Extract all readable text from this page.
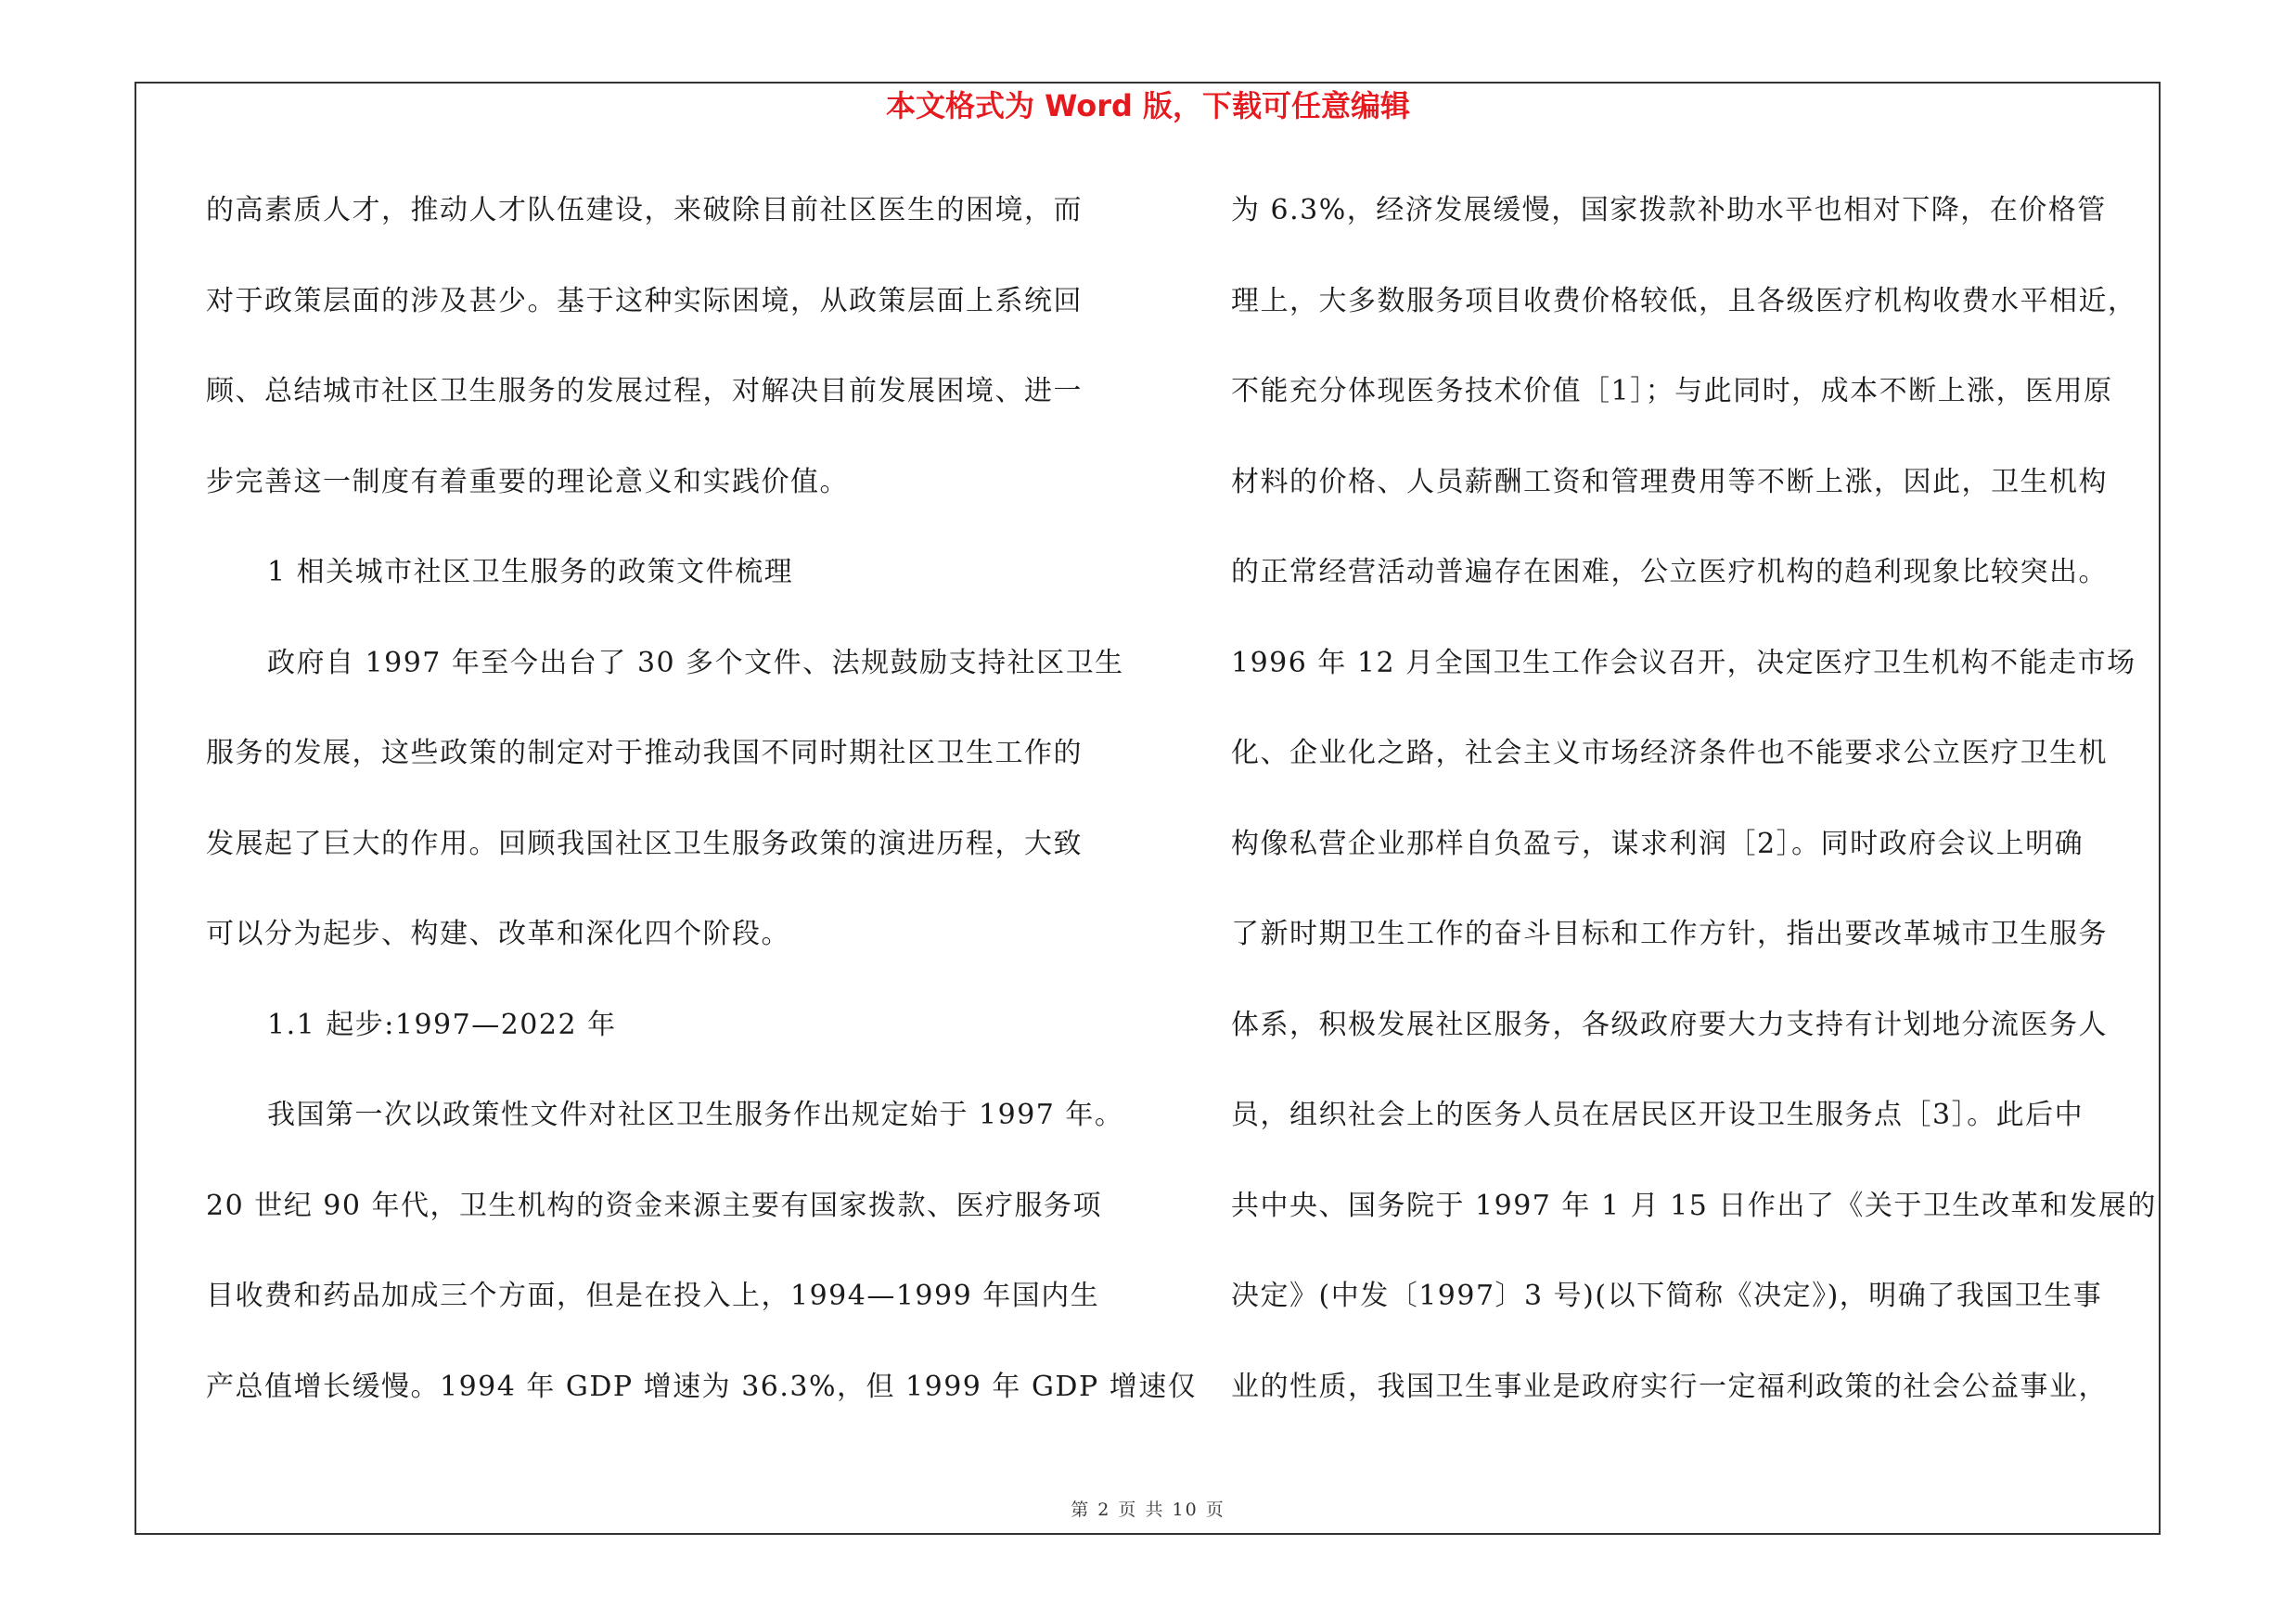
本文格式为 Word 版，下载可任意编辑

的高素质人才，推动人才队伍建设，来破除目前社区医生的困境，而

对于政策层面的涉及甚少。基于这种实际困境，从政策层面上系统回

顾、总结城市社区卫生服务的发展过程，对解决目前发展困境、进一

步完善这一制度有着重要的理论意义和实践价值。

1 相关城市社区卫生服务的政策文件梳理

政府自 1997 年至今出台了 30 多个文件、法规鼓励支持社区卫生

服务的发展，这些政策的制定对于推动我国不同时期社区卫生工作的

发展起了巨大的作用。回顾我国社区卫生服务政策的演进历程，大致

可以分为起步、构建、改革和深化四个阶段。

1.1 起步:1997—2022 年

我国第一次以政策性文件对社区卫生服务作出规定始于 1997 年。

20 世纪 90 年代，卫生机构的资金来源主要有国家拨款、医疗服务项

目收费和药品加成三个方面，但是在投入上，1994—1999 年国内生

产总值增长缓慢。1994 年 GDP 增速为 36.3%，但 1999 年 GDP 增速仅

为 6.3%，经济发展缓慢，国家拨款补助水平也相对下降，在价格管

理上，大多数服务项目收费价格较低，且各级医疗机构收费水平相近，

不能充分体现医务技术价值［1］；与此同时，成本不断上涨，医用原

材料的价格、人员薪酬工资和管理费用等不断上涨，因此，卫生机构

的正常经营活动普遍存在困难，公立医疗机构的趋利现象比较突出。

1996 年 12 月全国卫生工作会议召开，决定医疗卫生机构不能走市场

化、企业化之路，社会主义市场经济条件也不能要求公立医疗卫生机

构像私营企业那样自负盈亏，谋求利润［2］。同时政府会议上明确

了新时期卫生工作的奋斗目标和工作方针，指出要改革城市卫生服务

体系，积极发展社区服务，各级政府要大力支持有计划地分流医务人

员，组织社会上的医务人员在居民区开设卫生服务点［3］。此后中

共中央、国务院于 1997 年 1 月 15 日作出了《关于卫生改革和发展的

决定》(中发〔1997〕3 号)(以下简称《决定》)，明确了我国卫生事

业的性质，我国卫生事业是政府实行一定福利政策的社会公益事业，

第 2 页 共 10 页
